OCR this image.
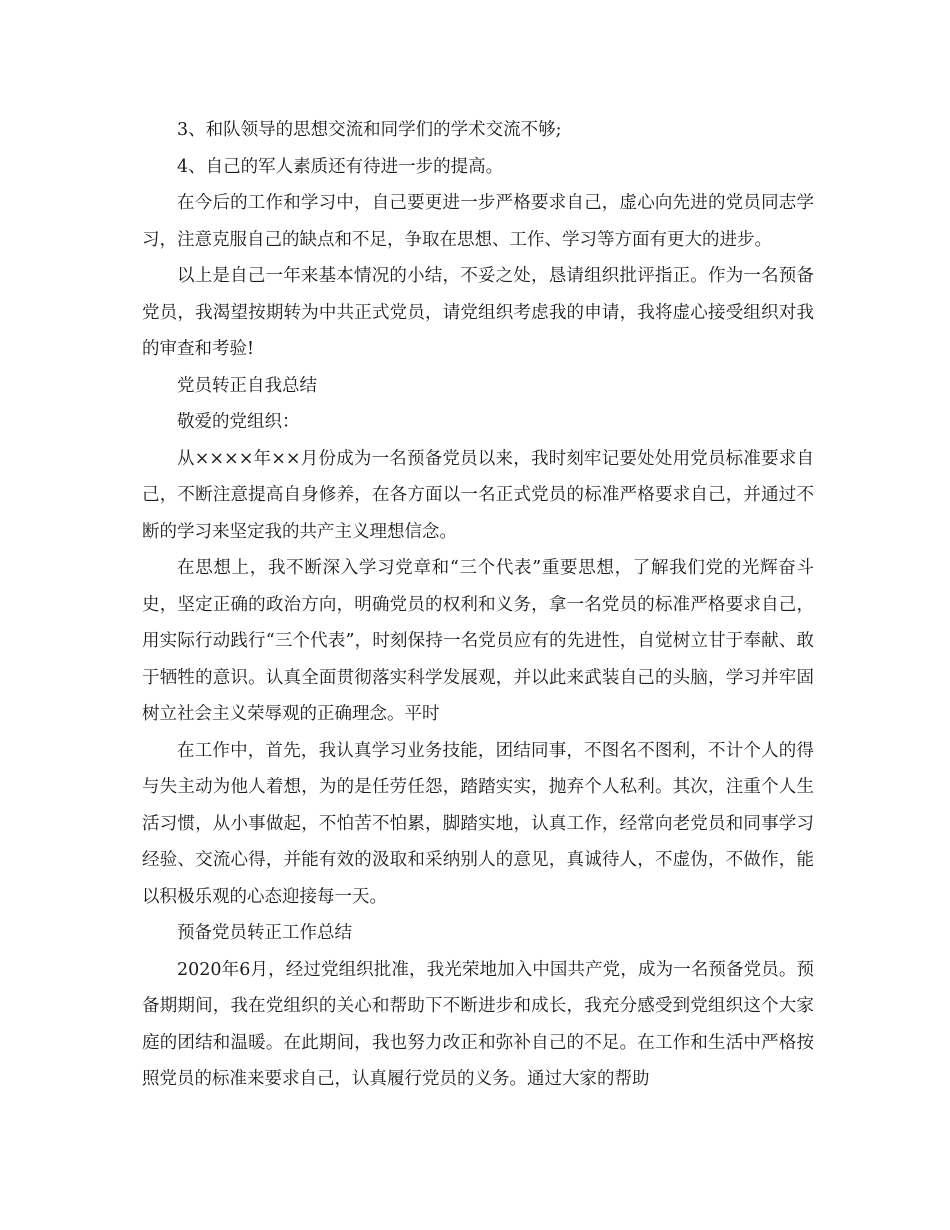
3、和队领导的思想交流和同学们的学术交流不够;

4、自己的军人素质还有待进一步的提高。

在今后的工作和学习中，自己要更进一步严格要求自己，虚心向先进的党员同志学习，注意克服自己的缺点和不足，争取在思想、工作、学习等方面有更大的进步。

以上是自己一年来基本情况的小结，不妥之处，恳请组织批评指正。作为一名预备党员，我渴望按期转为中共正式党员，请党组织考虑我的申请，我将虚心接受组织对我的审查和考验!

党员转正自我总结

敬爱的党组织：

从××××年××月份成为一名预备党员以来，我时刻牢记要处处用党员标准要求自己，不断注意提高自身修养，在各方面以一名正式党员的标准严格要求自己，并通过不断的学习来坚定我的共产主义理想信念。

在思想上，我不断深入学习党章和“三个代表”重要思想，了解我们党的光辉奋斗史，坚定正确的政治方向，明确党员的权利和义务，拿一名党员的标准严格要求自己，用实际行动践行“三个代表”，时刻保持一名党员应有的先进性，自觉树立甘于奉献、敢于牺牲的意识。认真全面贯彻落实科学发展观，并以此来武装自己的头脑，学习并牢固树立社会主义荣辱观的正确理念。平时

在工作中，首先，我认真学习业务技能，团结同事，不图名不图利，不计个人的得与失主动为他人着想，为的是任劳任怨，踏踏实实，抛弃个人私利。其次，注重个人生活习惯，从小事做起，不怕苦不怕累，脚踏实地，认真工作，经常向老党员和同事学习经验、交流心得，并能有效的汲取和采纳别人的意见，真诚待人，不虚伪，不做作，能以积极乐观的心态迎接每一天。

预备党员转正工作总结

2020年6月，经过党组织批准，我光荣地加入中国共产党，成为一名预备党员。预备期期间，我在党组织的关心和帮助下不断进步和成长，我充分感受到党组织这个大家庭的团结和温暖。在此期间，我也努力改正和弥补自己的不足。在工作和生活中严格按照党员的标准来要求自己，认真履行党员的义务。通过大家的帮助
